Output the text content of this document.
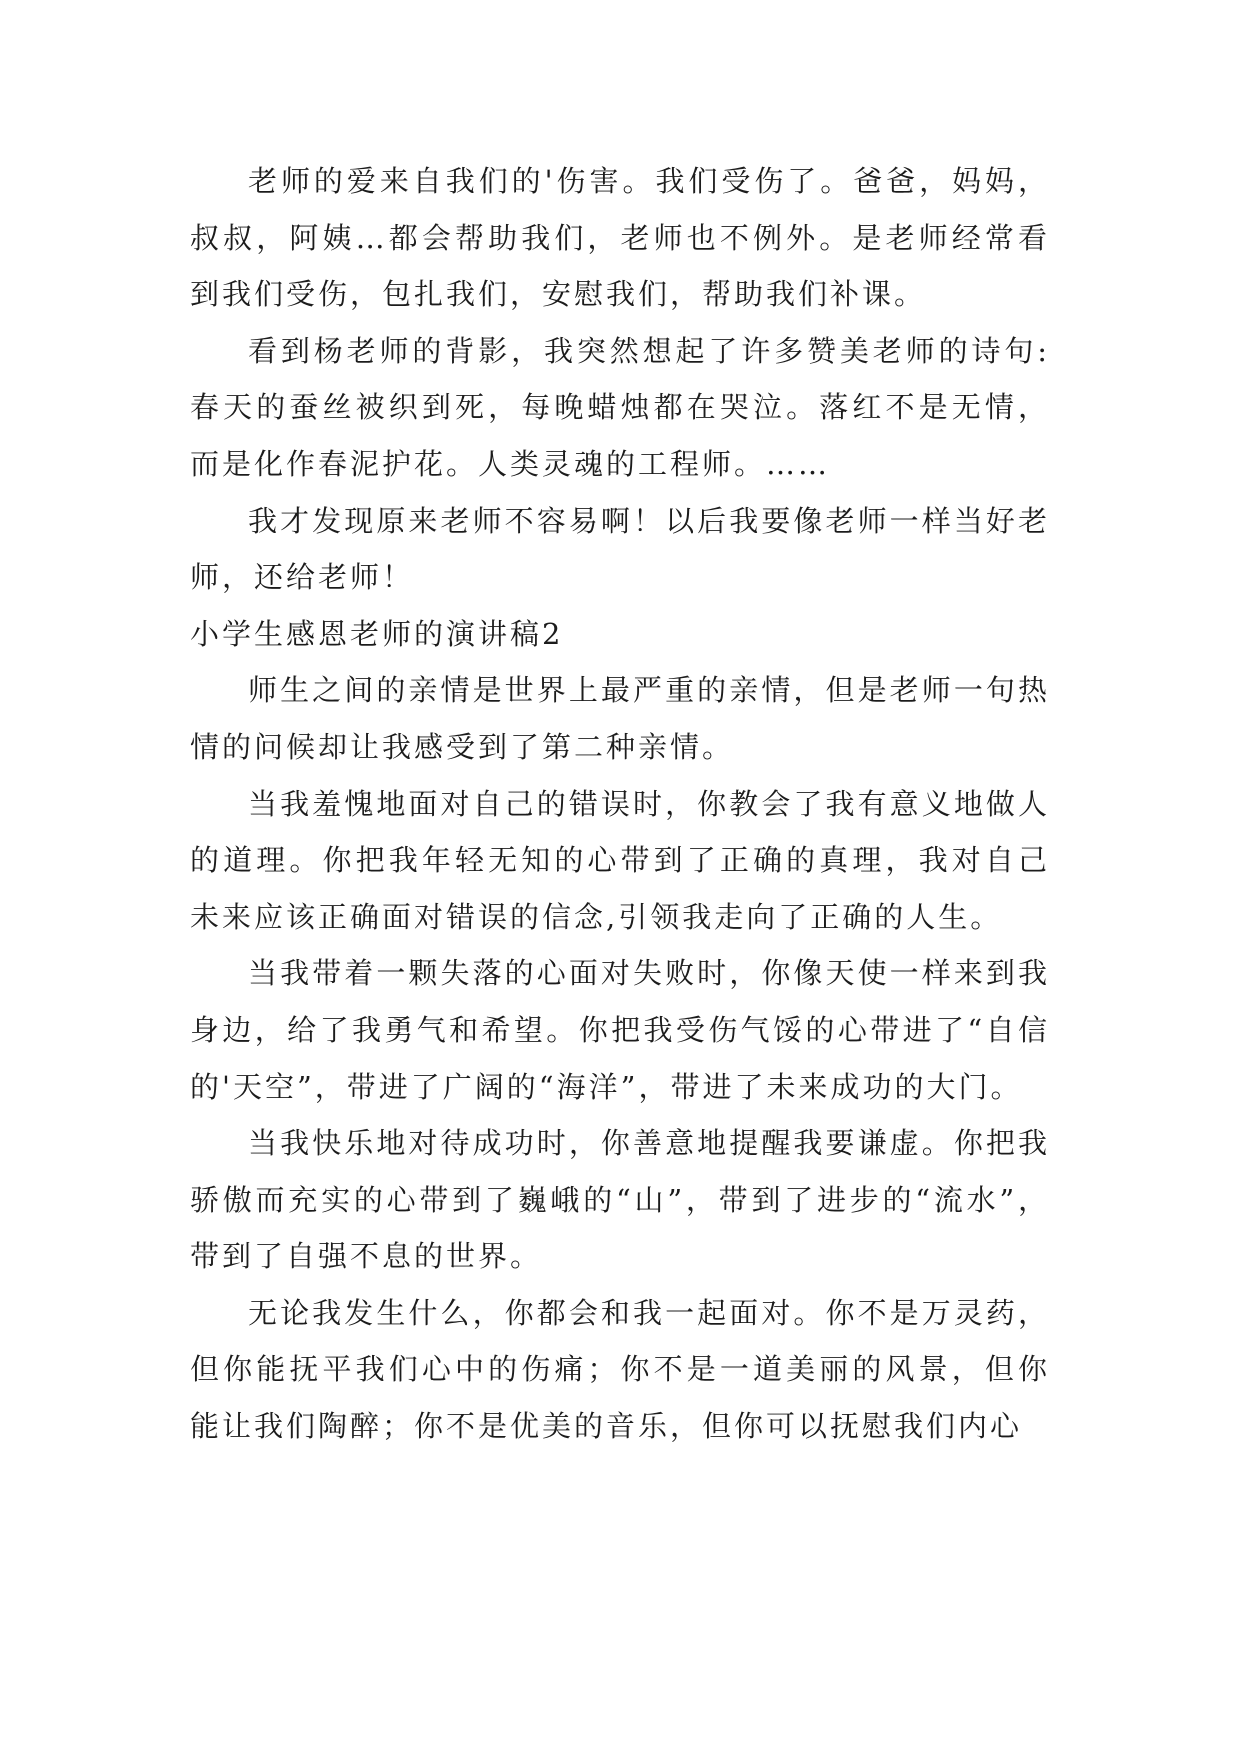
老师的爱来自我们的'伤害。我们受伤了。爸爸，妈妈，叔叔，阿姨…都会帮助我们，老师也不例外。是老师经常看到我们受伤，包扎我们，安慰我们，帮助我们补课。

看到杨老师的背影，我突然想起了许多赞美老师的诗句:春天的蚕丝被织到死，每晚蜡烛都在哭泣。落红不是无情，而是化作春泥护花。人类灵魂的工程师。……

我才发现原来老师不容易啊！以后我要像老师一样当好老师，还给老师！

小学生感恩老师的演讲稿2

师生之间的亲情是世界上最严重的亲情，但是老师一句热情的问候却让我感受到了第二种亲情。

当我羞愧地面对自己的错误时，你教会了我有意义地做人的道理。你把我年轻无知的心带到了正确的真理，我对自己未来应该正确面对错误的信念,引领我走向了正确的人生。

当我带着一颗失落的心面对失败时，你像天使一样来到我身边，给了我勇气和希望。你把我受伤气馁的心带进了“自信的'天空”，带进了广阔的“海洋”，带进了未来成功的大门。

当我快乐地对待成功时，你善意地提醒我要谦虚。你把我骄傲而充实的心带到了巍峨的“山”，带到了进步的“流水”，带到了自强不息的世界。

无论我发生什么，你都会和我一起面对。你不是万灵药，但你能抚平我们心中的伤痛；你不是一道美丽的风景，但你能让我们陶醉；你不是优美的音乐，但你可以抚慰我们内心
